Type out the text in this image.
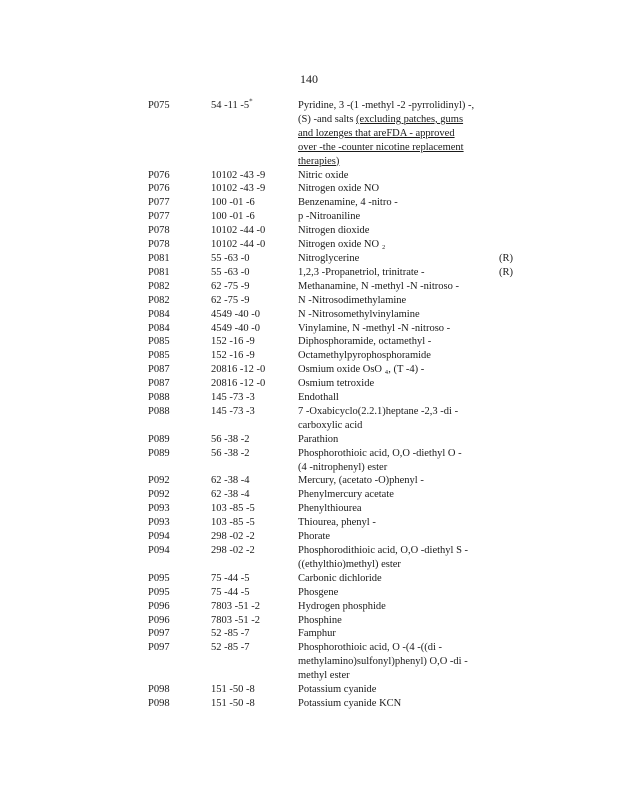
140
P075	54 -11 -5*	Pyridine, 3 -(1 -methyl -2 -pyrrolidinyl) -,
(S) -and salts (excluding patches, gums
and lozenges that areFDA - approved
over -the -counter nicotine replacement
therapies)
P076	10102 -43 -9	Nitric oxide
P076	10102 -43 -9	Nitrogen oxide NO
P077	100 -01 -6	Benzenamine, 4 -nitro -
P077	100 -01 -6	p -Nitroaniline
P078	10102 -44 -0	Nitrogen dioxide
P078	10102 -44 -0	Nitrogen oxide NO ₂
P081	55 -63 -0	Nitroglycerine	(R)
P081	55 -63 -0	1,2,3 -Propanetriol, trinitrate -	(R)
P082	62 -75 -9	Methanamine, N -methyl -N -nitroso -
P082	62 -75 -9	N -Nitrosodimethylamine
P084	4549 -40 -0	N -Nitrosomethylvinylamine
P084	4549 -40 -0	Vinylamine, N -methyl -N -nitroso -
P085	152 -16 -9	Diphosphoramide, octamethyl -
P085	152 -16 -9	Octamethylpyrophosphoramide
P087	20816 -12 -0	Osmium oxide OsO ₄, (T -4) -
P087	20816 -12 -0	Osmium tetroxide
P088	145 -73 -3	Endothall
P088	145 -73 -3	7 -Oxabicyclo(2.2.1)heptane -2,3 -di -
carboxylic acid
P089	56 -38 -2	Parathion
P089	56 -38 -2	Phosphorothioic acid, O,O -diethyl O -
(4 -nitrophenyl) ester
P092	62 -38 -4	Mercury, (acetato -O)phenyl -
P092	62 -38 -4	Phenylmercury acetate
P093	103 -85 -5	Phenylthiourea
P093	103 -85 -5	Thiourea, phenyl -
P094	298 -02 -2	Phorate
P094	298 -02 -2	Phosphorodithioic acid, O,O -diethyl S -
((ethylthio)methyl) ester
P095	75 -44 -5	Carbonic dichloride
P095	75 -44 -5	Phosgene
P096	7803 -51 -2	Hydrogen phosphide
P096	7803 -51 -2	Phosphine
P097	52 -85 -7	Famphur
P097	52 -85 -7	Phosphorothioic acid, O -(4 -((di -
methylamino)sulfonyl)phenyl) O,O -di -
methyl ester
P098	151 -50 -8	Potassium cyanide
P098	151 -50 -8	Potassium cyanide KCN
